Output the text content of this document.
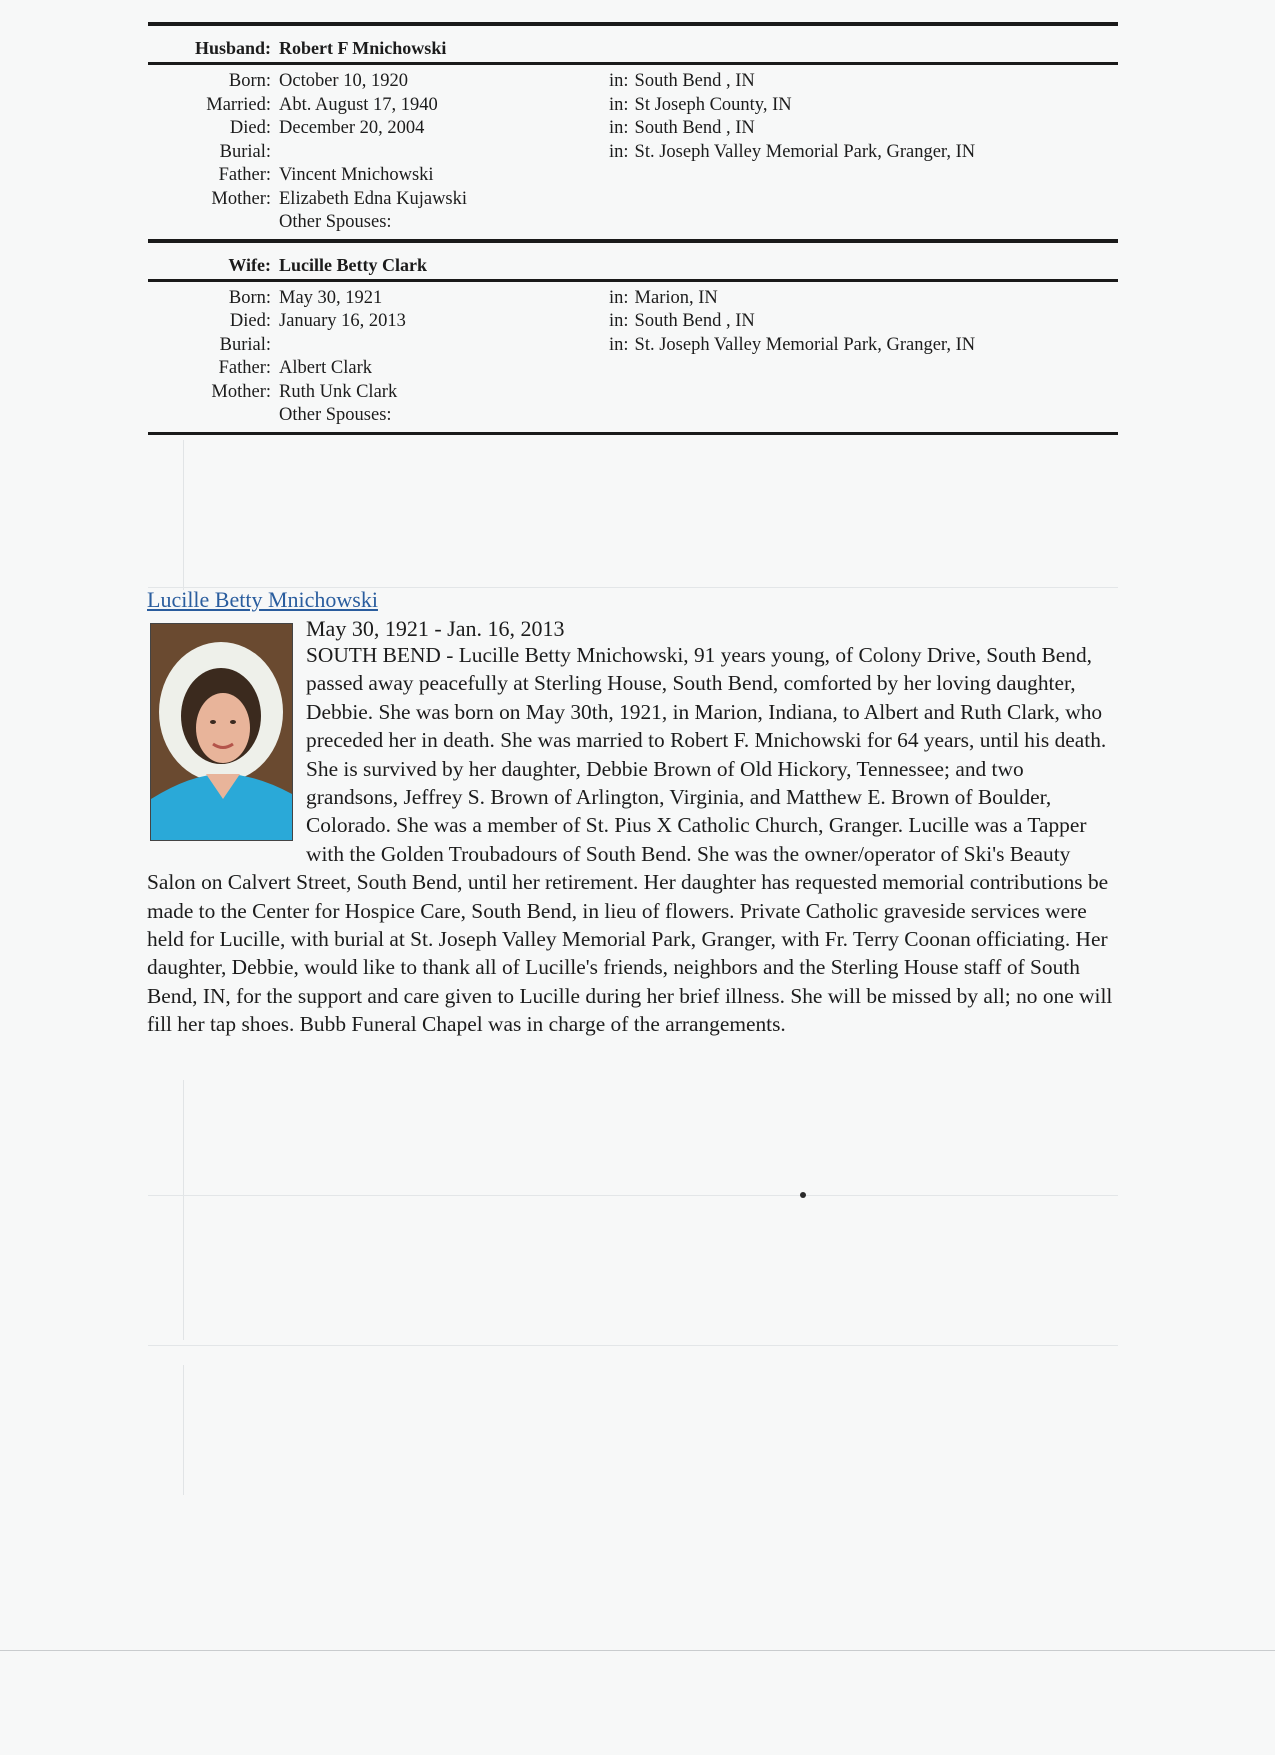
Husband: Robert F Mnichowski
Born: October 10, 1920	in: South Bend , IN
Married: Abt. August 17, 1940	in: St Joseph County, IN
Died: December 20, 2004	in: South Bend , IN
Burial:	in: St. Joseph Valley Memorial Park, Granger, IN
Father: Vincent Mnichowski
Mother: Elizabeth Edna Kujawski
Other Spouses:
Wife: Lucille Betty Clark
Born: May 30, 1921	in: Marion, IN
Died: January 16, 2013	in: South Bend , IN
Burial:	in: St. Joseph Valley Memorial Park, Granger, IN
Father: Albert Clark
Mother: Ruth Unk Clark
Other Spouses:
Lucille Betty Mnichowski
May 30, 1921 - Jan. 16, 2013

SOUTH BEND - Lucille Betty Mnichowski, 91 years young, of Colony Drive, South Bend, passed away peacefully at Sterling House, South Bend, comforted by her loving daughter, Debbie. She was born on May 30th, 1921, in Marion, Indiana, to Albert and Ruth Clark, who preceded her in death. She was married to Robert F. Mnichowski for 64 years, until his death. She is survived by her daughter, Debbie Brown of Old Hickory, Tennessee; and two grandsons, Jeffrey S. Brown of Arlington, Virginia, and Matthew E. Brown of Boulder, Colorado. She was a member of St. Pius X Catholic Church, Granger. Lucille was a Tapper with the Golden Troubadours of South Bend. She was the owner/operator of Ski's Beauty Salon on Calvert Street, South Bend, until her retirement. Her daughter has requested memorial contributions be made to the Center for Hospice Care, South Bend, in lieu of flowers. Private Catholic graveside services were held for Lucille, with burial at St. Joseph Valley Memorial Park, Granger, with Fr. Terry Coonan officiating. Her daughter, Debbie, would like to thank all of Lucille's friends, neighbors and the Sterling House staff of South Bend, IN, for the support and care given to Lucille during her brief illness. She will be missed by all; no one will fill her tap shoes. Bubb Funeral Chapel was in charge of the arrangements.
